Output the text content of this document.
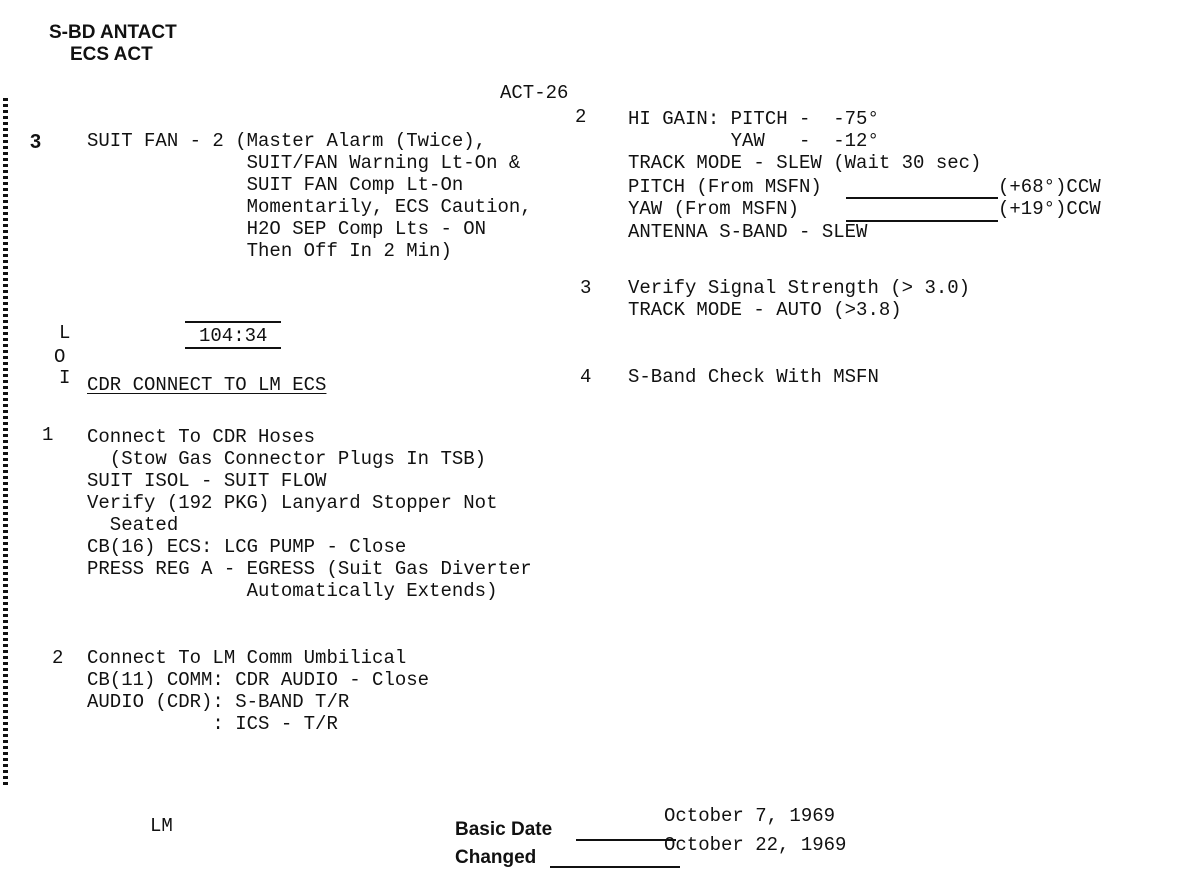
S-BD ANTACT
ECS ACT
ACT-26
3 SUIT FAN - 2 (Master Alarm (Twice),
SUIT/FAN Warning Lt-On &
SUIT FAN Comp Lt-On
Momentarily, ECS Caution,
H2O SEP Comp Lts - ON
Then Off In 2 Min)
L
O
I
104:34
CDR CONNECT TO LM ECS
1 Connect To CDR Hoses
(Stow Gas Connector Plugs In TSB)
SUIT ISOL - SUIT FLOW
Verify (192 PKG) Lanyard Stopper Not
Seated
CB(16) ECS: LCG PUMP - Close
PRESS REG A - EGRESS (Suit Gas Diverter
Automatically Extends)
2 Connect To LM Comm Umbilical
CB(11) COMM: CDR AUDIO - Close
AUDIO (CDR): S-BAND T/R
: ICS - T/R
2 HI GAIN: PITCH -  -75°
YAW   -  -12°
TRACK MODE - SLEW (Wait 30 sec)
PITCH (From MSFN)	(+68°)CCW
YAW (From MSFN)	(+19°)CCW
ANTENNA S-BAND - SLEW
3 Verify Signal Strength (> 3.0)
TRACK MODE - AUTO (>3.8)
4 S-Band Check With MSFN
LM	Basic Date
October 7, 1969
Changed
October 22, 1969
